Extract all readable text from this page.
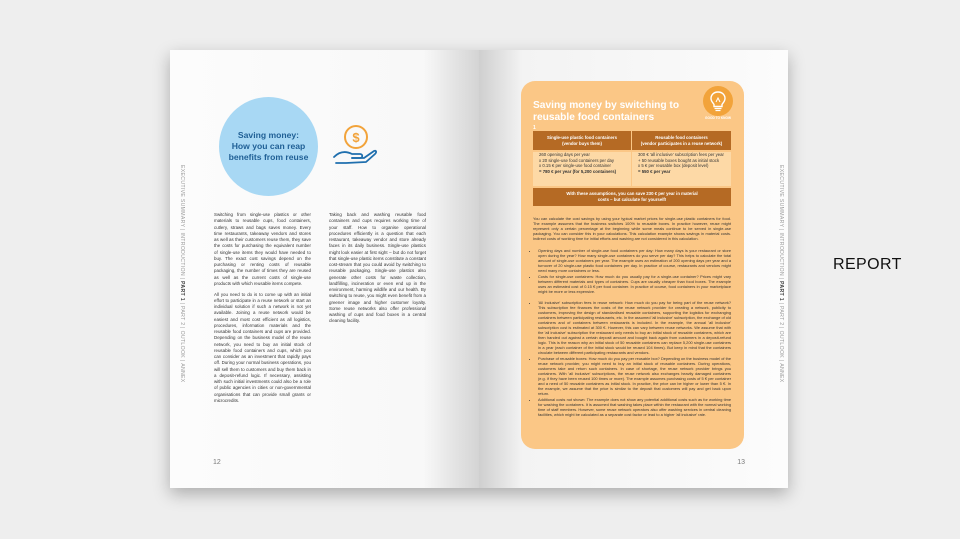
EXECUTIVE SUMMARY | INTRODUCTION | PART 1 | PART 2 | OUTLOOK | ANNEX
Saving money:
How you can reap
benefits from reuse
$

Switching from single-use plastics or other materials to reusable cups, food containers, cutlery, straws and bags saves money. Every time restaurants, takeaway vendors and stores as well as their customers reuse them, they save the costs for purchasing the equivalent number of single-use items they would have needed to buy. The exact cost savings depend on the purchasing or renting costs of reusable packaging, the number of times they are reused as well as the current costs of single-use products with which reusable items compete.

All you need to do is to come up with an initial effort to participate in a reuse network or start an individual solution if such a network is not yet available. Joining a reuse network would be easiest and most cost efficient as all logistics, procedures, information materials and the reusable food containers and cups are provided. Depending on the business model of the reuse network, you need to buy an initial stock of reusable food containers and cups, which you can consider as an investment that rapidly pays off. During your normal business operations, you will sell them to customers and buy them back in a deposit-refund logic. If necessary, assisting with such initial investments could also be a role of public agencies in cities or non-governmental organisations that can provide small grants or microcredits.

Taking back and washing reusable food containers and cups requires working time of your staff. How to organise operational procedures efficiently is a question that each restaurant, takeaway vendor and store already faces in its daily business. Single-use plastics might look easier at first sight – but do not forget that single-use plastic items constitute a constant cost-stream that you could avoid by switching to reusable packaging. Single-use plastics also generate other costs for waste collection, landfilling, incineration or even end up in the environment, harming wildlife and our health. By switching to reuse, you might even benefit from a greener image and higher customer loyalty. Some reuse networks also offer professional washing of cups and food boxes in a central cleaning facility.

12
EXECUTIVE SUMMARY | INTRODUCTION | PART 1 | PART 2 | OUTLOOK | ANNEX
Saving money by switching to
reusable food containers
$^1$
GOOD TO KNOW
Single-use plastic food containers
(vendor buys them)
Reusable food containers
(vendor participates in a reuse network)
260 opening days per year
x 20 single-use food containers per day
x 0.15 € per single-use food container
= 780 € per year (for 5,200 containers)
300 € 'all inclusive' subscription fees per year
+ 50 reusable boxes bought as initial stock
x 5 € per reusable box (deposit level)
= 550 € per year
With these assumptions, you can save 230 € per year in material
costs – but calculate for yourself!

You can calculate the cost savings by using your typical market prices for single-use plastic containers for food. The example assumes that the business switches 100% to reusable boxes. In practice however, reuse might represent only a certain percentage at the beginning while some meals continue to be served in single-use packaging. You can consider this in your calculations. This calculation example shows savings in material costs. Indirect costs of working time for initial efforts and washing are not considered in this calculation.

• Opening days and number of single-use food containers per day: How many days is your restaurant or store open during the year? How many single-use containers do you serve per day? This helps to calculate the total amount of single-use containers per year. The example uses an estimation of 200 opening days per year and a turnover of 20 single-use plastic food containers per day. In practice of course, restaurants and vendors might need many more containers or less.
• Costs for single-use containers: How much do you usually pay for a single-use container? Prices might vary between different materials and types of containers. Cups are usually cheaper than food boxes. The example uses an estimated cost of 0.15 € per food container. In practice of course, food containers in your marketplace might be more or less expensive.
• 'All inclusive' subscription fees in reuse network: How much do you pay for being part of the reuse network? This subscription fee finances the costs of the reuse network provider for creating a network, publicity to customers, improving the design of standardised reusable containers, supporting the logistics for exchanging containers between participating restaurants, etc. In the assumed 'all inclusive' subscription, the exchange of old containers and of containers between restaurants is included. In the example, the annual 'all inclusive' subscription cost is estimated at 300 €. However, this can vary between reuse networks. We assume that with the 'all inclusive' subscription the restaurant only needs to buy an initial stock of reusable containers, which are then handed out against a certain deposit amount and bought back again from customers in a deposit-refund logic. This is the reason why an initial stock of 50 reusable containers can replace 5,200 single-use containers in a year (each container of the initial stock would be reused 104 times). But keep in mind that the containers circulate between different participating restaurants and vendors.
• Purchase of reusable boxes: How much do you pay per reusable box? Depending on the business model of the reuse network provider, you might need to buy an initial stock of reusable containers. During operations, customers take and return such containers. In case of shortage, the reuse network provider brings you containers. With 'all inclusive' subscriptions, the reuse network also exchanges heavily damaged containers (e.g. if they have been reused 100 times or more). The example assumes purchasing costs of 5 € per container and a need of 50 reusable containers as initial stock. In practice, the price can be higher or lower than 5 €. In the example, we assume that the price is similar to the deposit that customers will pay and get back upon return.
• Additional costs not shown: The example does not show any potential additional costs such as for working time for washing the containers. It is assumed that washing takes place within the restaurant with the normal working time of staff members. However, some reuse network operators also offer washing services in central cleaning facilities, which might be calculated as a separate cost factor or lead to a higher 'all inclusive' rate.
13
REPORT
